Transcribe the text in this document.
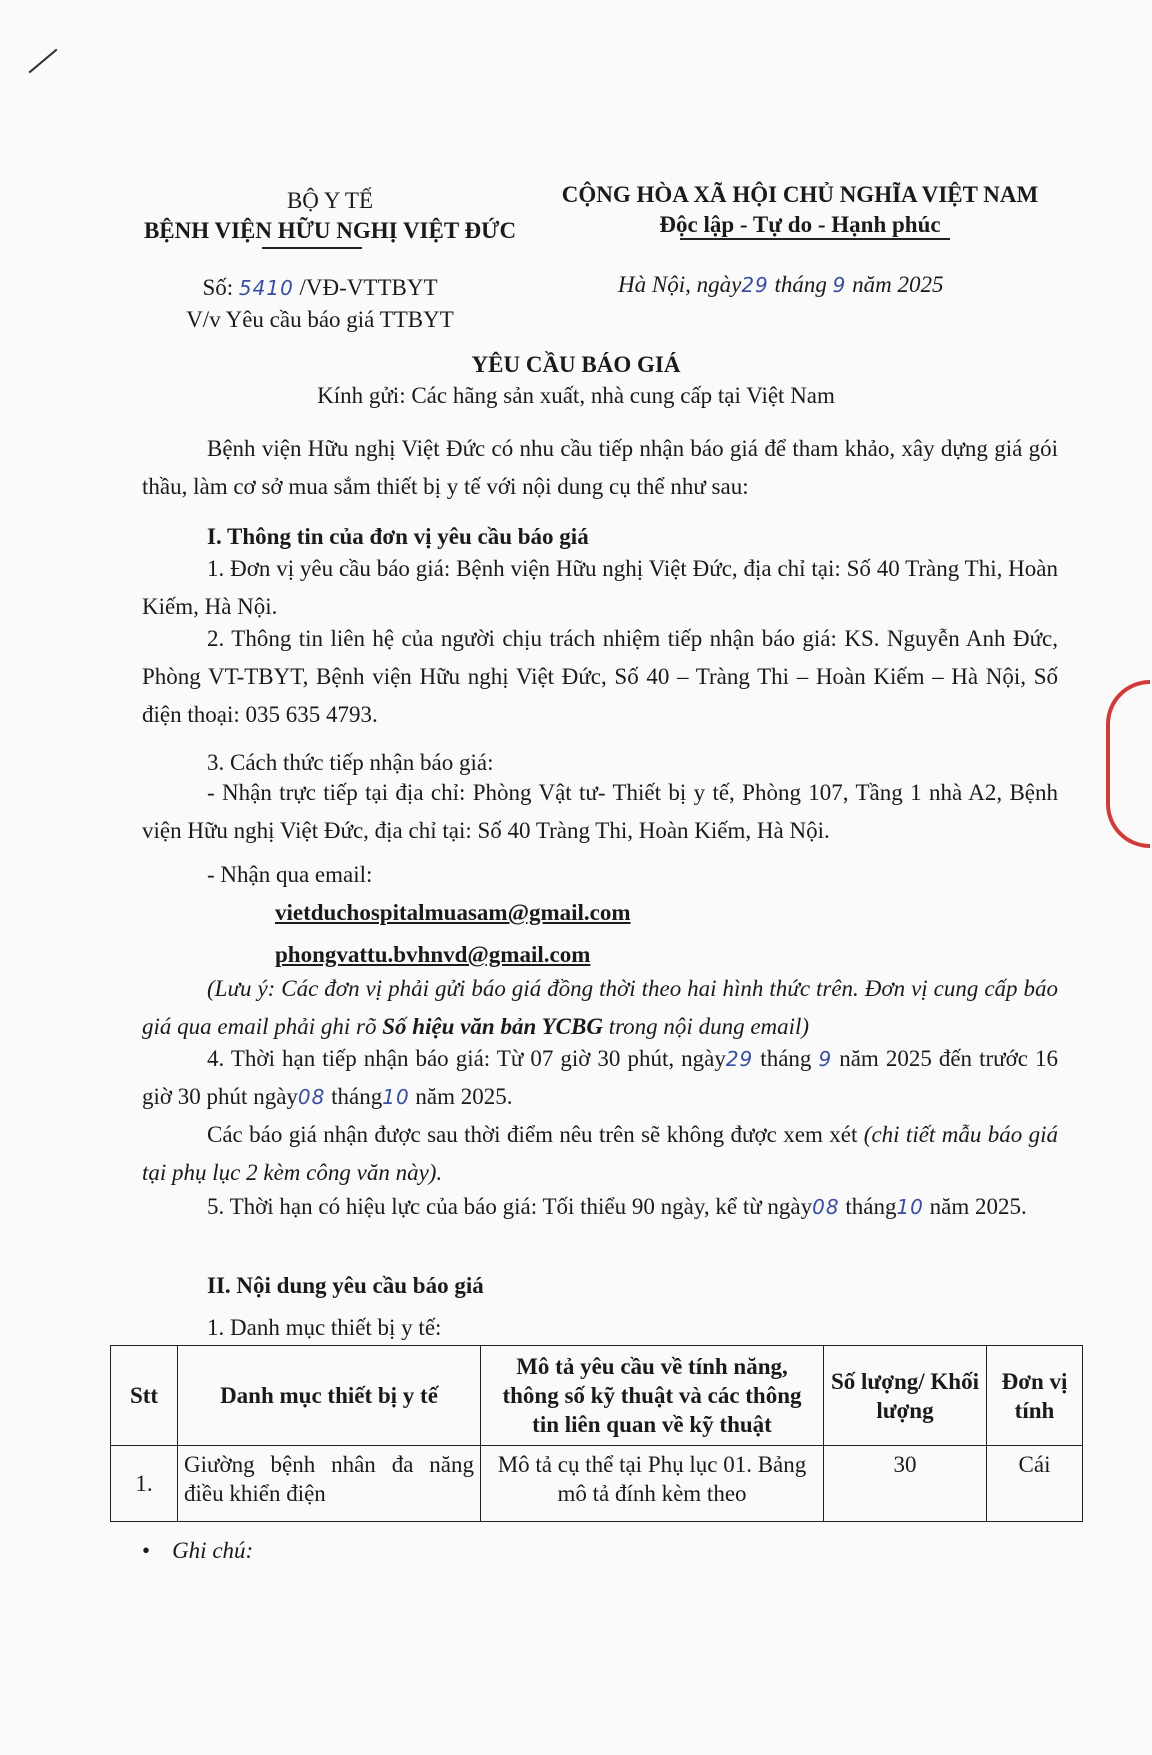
BỘ Y TẾ
BỆNH VIỆN HỮU NGHỊ VIỆT ĐỨC
CỘNG HÒA XÃ HỘI CHỦ NGHĨA VIỆT NAM
Độc lập - Tự do - Hạnh phúc
Số: 5410 /VĐ-VTTBYT
V/v Yêu cầu báo giá TTBYT
Hà Nội, ngày29 tháng 9 năm 2025
YÊU CẦU BÁO GIÁ
Kính gửi: Các hãng sản xuất, nhà cung cấp tại Việt Nam
Bệnh viện Hữu nghị Việt Đức có nhu cầu tiếp nhận báo giá để tham khảo, xây dựng giá gói thầu, làm cơ sở mua sắm thiết bị y tế với nội dung cụ thể như sau:
I. Thông tin của đơn vị yêu cầu báo giá
1. Đơn vị yêu cầu báo giá: Bệnh viện Hữu nghị Việt Đức, địa chỉ tại: Số 40 Tràng Thi, Hoàn Kiếm, Hà Nội.
2. Thông tin liên hệ của người chịu trách nhiệm tiếp nhận báo giá: KS. Nguyễn Anh Đức, Phòng VT-TBYT, Bệnh viện Hữu nghị Việt Đức, Số 40 – Tràng Thi – Hoàn Kiếm – Hà Nội, Số điện thoại: 035 635 4793.
3. Cách thức tiếp nhận báo giá:
- Nhận trực tiếp tại địa chỉ: Phòng Vật tư- Thiết bị y tế, Phòng 107, Tầng 1 nhà A2, Bệnh viện Hữu nghị Việt Đức, địa chỉ tại: Số 40 Tràng Thi, Hoàn Kiếm, Hà Nội.
- Nhận qua email:
vietduchospitalmuasam@gmail.com
phongvattu.bvhnvd@gmail.com
(Lưu ý: Các đơn vị phải gửi báo giá đồng thời theo hai hình thức trên. Đơn vị cung cấp báo giá qua email phải ghi rõ Số hiệu văn bản YCBG trong nội dung email)
4. Thời hạn tiếp nhận báo giá: Từ 07 giờ 30 phút, ngày29 tháng 9 năm 2025 đến trước 16 giờ 30 phút ngày08 tháng10 năm 2025.
Các báo giá nhận được sau thời điểm nêu trên sẽ không được xem xét (chi tiết mẫu báo giá tại phụ lục 2 kèm công văn này).
5. Thời hạn có hiệu lực của báo giá: Tối thiểu 90 ngày, kể từ ngày08 tháng10 năm 2025.
II. Nội dung yêu cầu báo giá
1. Danh mục thiết bị y tế:
Stt	Danh mục thiết bị y tế	Mô tả yêu cầu về tính năng, thông số kỹ thuật và các thông tin liên quan về kỹ thuật	Số lượng/ Khối lượng	Đơn vị tính
1.	Giường bệnh nhân đa năng điều khiển điện	Mô tả cụ thể tại Phụ lục 01. Bảng mô tả đính kèm theo	30	Cái
• Ghi chú:
